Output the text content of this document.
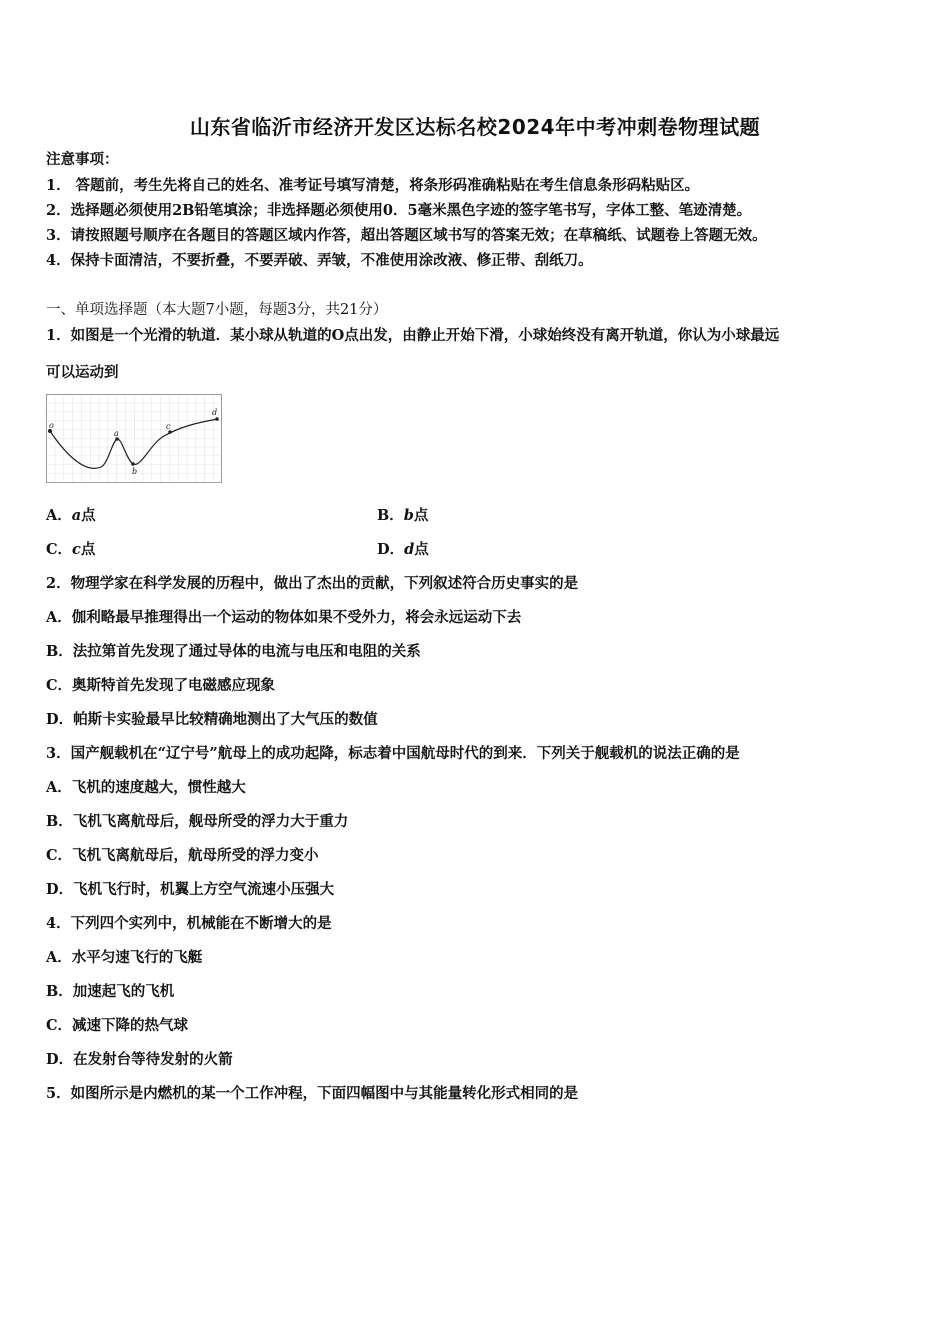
山东省临沂市经济开发区达标名校2024年中考冲刺卷物理试题
注意事项：
1． 答题前，考生先将自己的姓名、准考证号填写清楚，将条形码准确粘贴在考生信息条形码粘贴区。
2．选择题必须使用2B铅笔填涂；非选择题必须使用0．5毫米黑色字迹的签字笔书写，字体工整、笔迹清楚。
3．请按照题号顺序在各题目的答题区域内作答，超出答题区域书写的答案无效；在草稿纸、试题卷上答题无效。
4．保持卡面清洁，不要折叠，不要弄破、弄皱，不准使用涂改液、修正带、刮纸刀。
一、单项选择题（本大题7小题，每题3分，共21分）
1．如图是一个光滑的轨道．某小球从轨道的O点出发，由静止开始下滑，小球始终没有离开轨道，你认为小球最远
可以运动到
o
a
b
c
d
A．a点	B．b点
C．c点	D．d点
2．物理学家在科学发展的历程中，做出了杰出的贡献，下列叙述符合历史事实的是
A．伽利略最早推理得出一个运动的物体如果不受外力，将会永远运动下去
B．法拉第首先发现了通过导体的电流与电压和电阻的关系
C．奥斯特首先发现了电磁感应现象
D．帕斯卡实验最早比较精确地测出了大气压的数值
3．国产舰载机在“辽宁号”航母上的成功起降，标志着中国航母时代的到来．下列关于舰载机的说法正确的是
A．飞机的速度越大，惯性越大
B．飞机飞离航母后，舰母所受的浮力大于重力
C．飞机飞离航母后，航母所受的浮力变小
D．飞机飞行时，机翼上方空气流速小压强大
4．下列四个实列中，机械能在不断增大的是
A．水平匀速飞行的飞艇
B．加速起飞的飞机
C．减速下降的热气球
D．在发射台等待发射的火箭
5．如图所示是内燃机的某一个工作冲程，下面四幅图中与其能量转化形式相同的是
